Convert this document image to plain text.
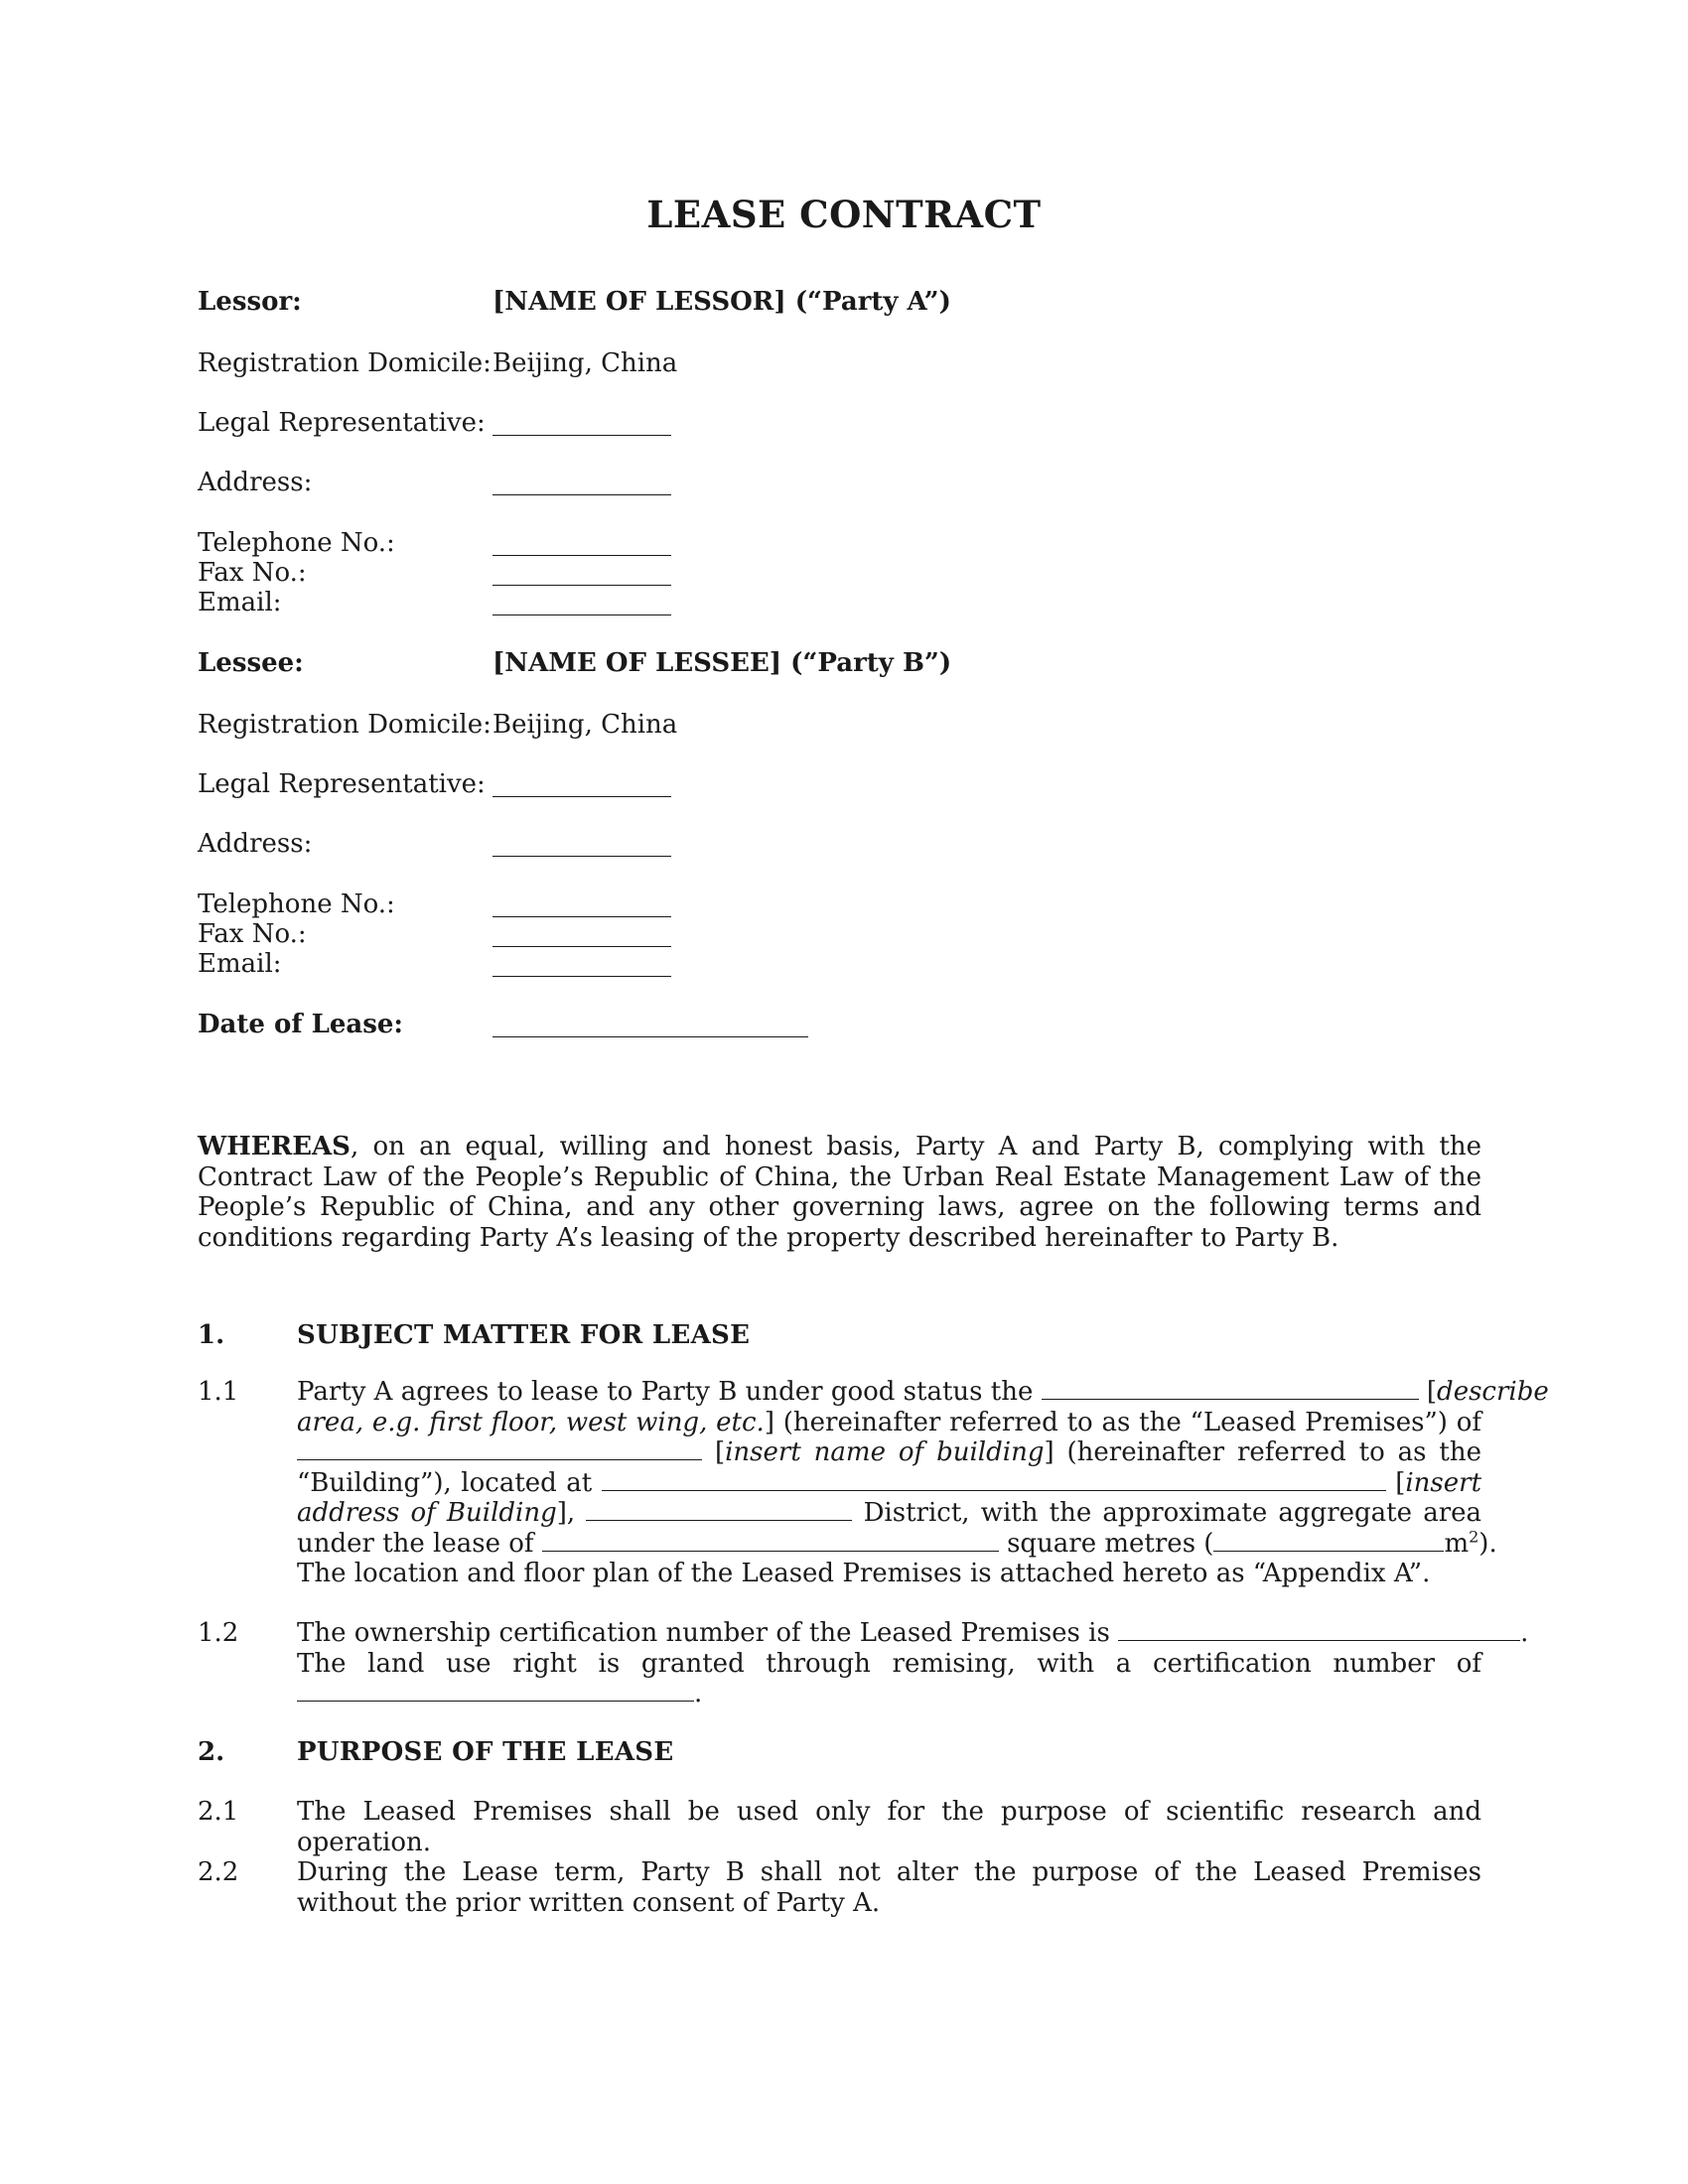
LEASE CONTRACT
Lessor:	[NAME OF LESSOR] (“Party A”)
Registration Domicile: Beijing, China
Legal Representative:
Address:
Telephone No.:
Fax No.:
Email:
Lessee:	[NAME OF LESSEE] (“Party B”)
Registration Domicile: Beijing, China
Legal Representative:
Address:
Telephone No.:
Fax No.:
Email:
Date of Lease:
WHEREAS, on an equal, willing and honest basis, Party A and Party B, complying with the Contract Law of the People’s Republic of China, the Urban Real Estate Management Law of the People’s Republic of China, and any other governing laws, agree on the following terms and conditions regarding Party A’s leasing of the property described hereinafter to Party B.
1.	SUBJECT MATTER FOR LEASE
1.1 Party A agrees to lease to Party B under good status the	[describe
area, e.g. first floor, west wing, etc.] (hereinafter referred to as the “Leased Premises”) of
[insert name of building] (hereinafter referred to as the
“Building”), located at	[insert
address of Building],	District, with the approximate aggregate area
under the lease of	square metres (	$m^2$).
The location and floor plan of the Leased Premises is attached hereto as “Appendix A”.
1.2 The ownership certification number of the Leased Premises is	.
The land use right is granted through remising, with a certification number of
.
2.	PURPOSE OF THE LEASE
2.1 The Leased Premises shall be used only for the purpose of scientific research and operation.
2.2 During the Lease term, Party B shall not alter the purpose of the Leased Premises without the prior written consent of Party A.
